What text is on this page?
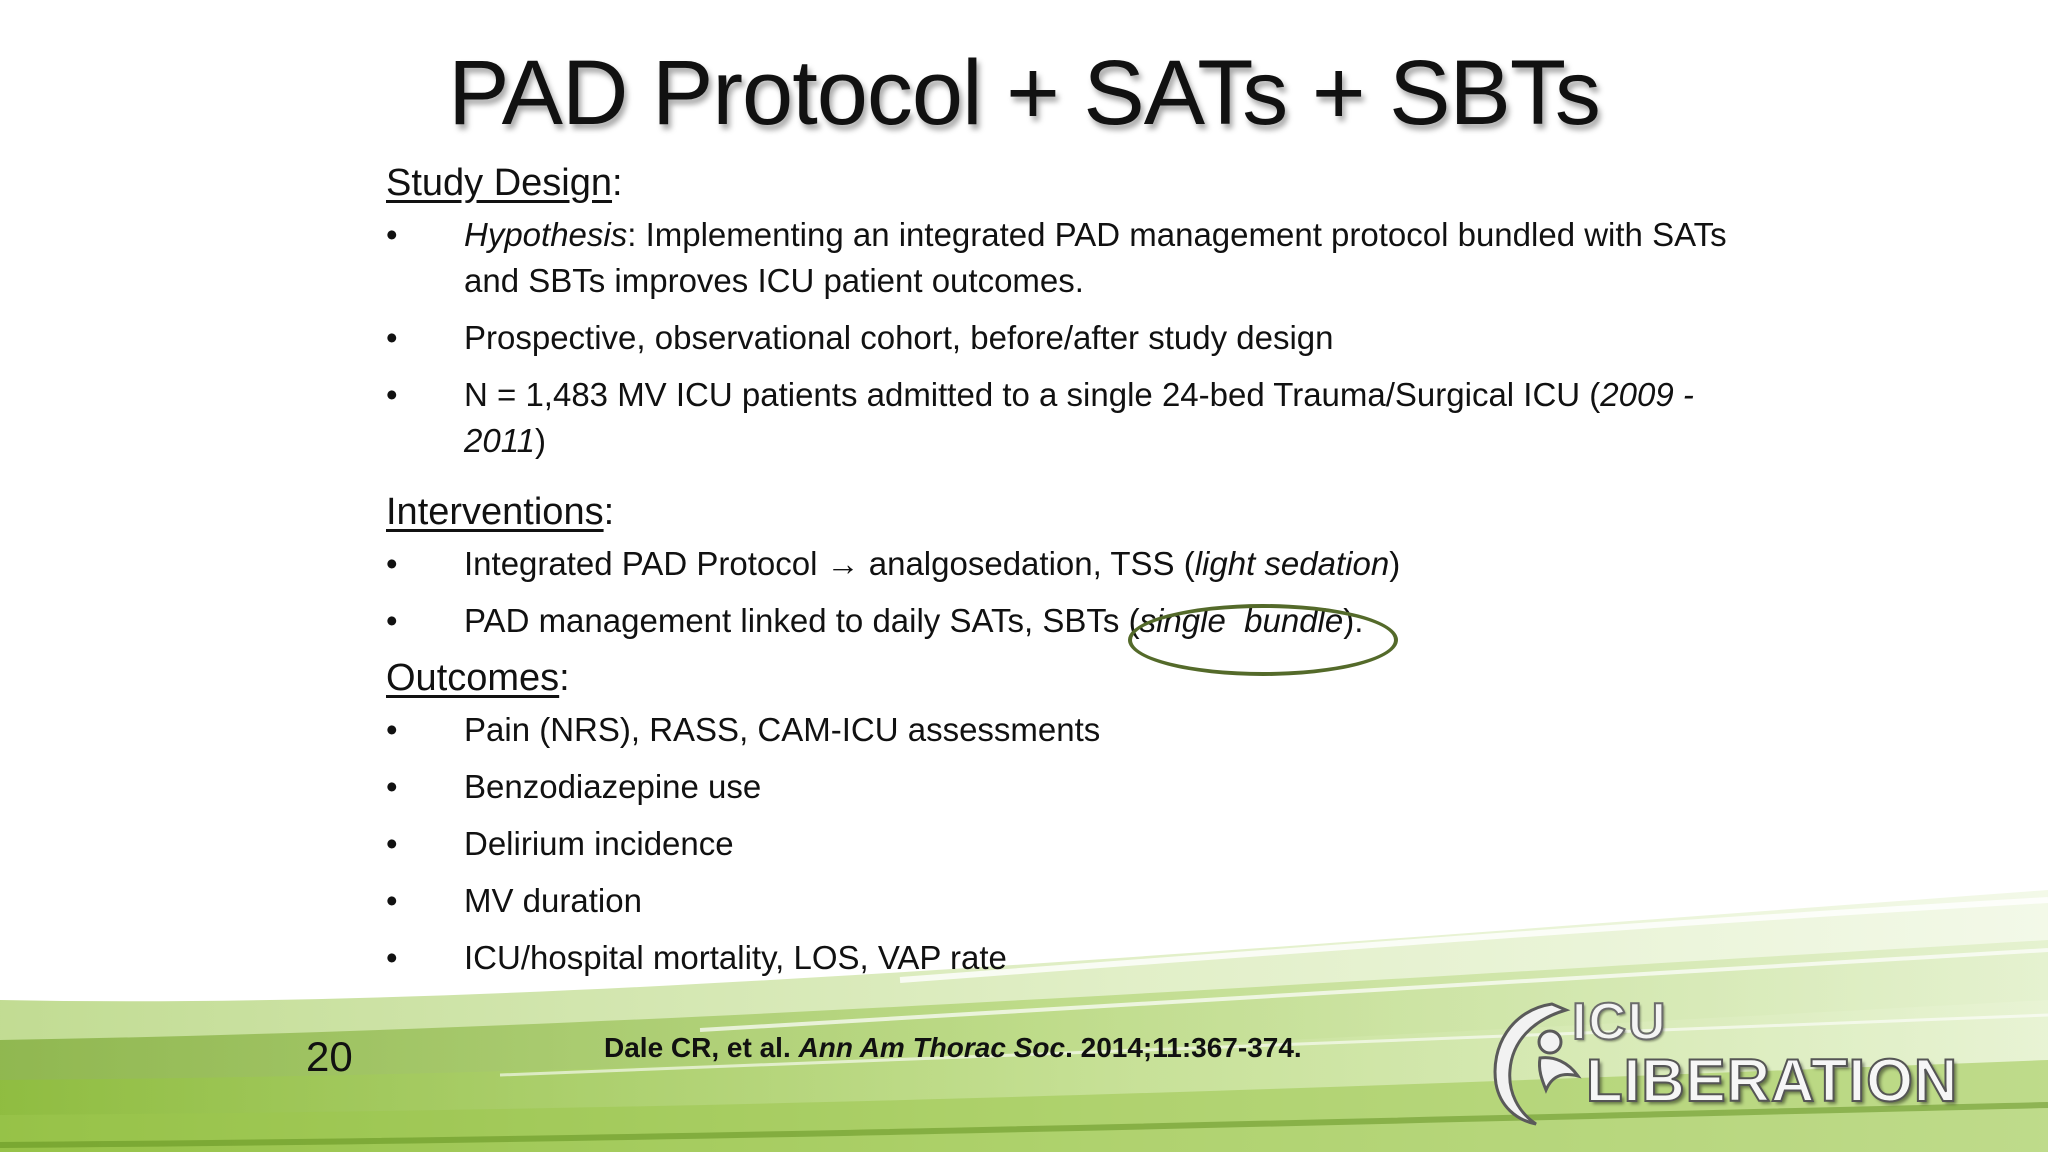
PAD Protocol + SATs + SBTs
Study Design:
•	Hypothesis: Implementing an integrated PAD management protocol bundled with SATs and SBTs improves ICU patient outcomes.
•	Prospective, observational cohort, before/after study design
•	N = 1,483 MV ICU patients admitted to a single 24-bed Trauma/Surgical ICU (2009 - 2011)
Interventions:
•	Integrated PAD Protocol → analgosedation, TSS (light sedation)
•	PAD management linked to daily SATs, SBTs (single  bundle).
Outcomes:
•	Pain (NRS), RASS, CAM-ICU assessments
•	Benzodiazepine use
•	Delirium incidence
•	MV duration
•	ICU/hospital mortality, LOS, VAP rate
20	Dale CR, et al. Ann Am Thorac Soc. 2014;11:367-374.	ICU
LIBERATION
